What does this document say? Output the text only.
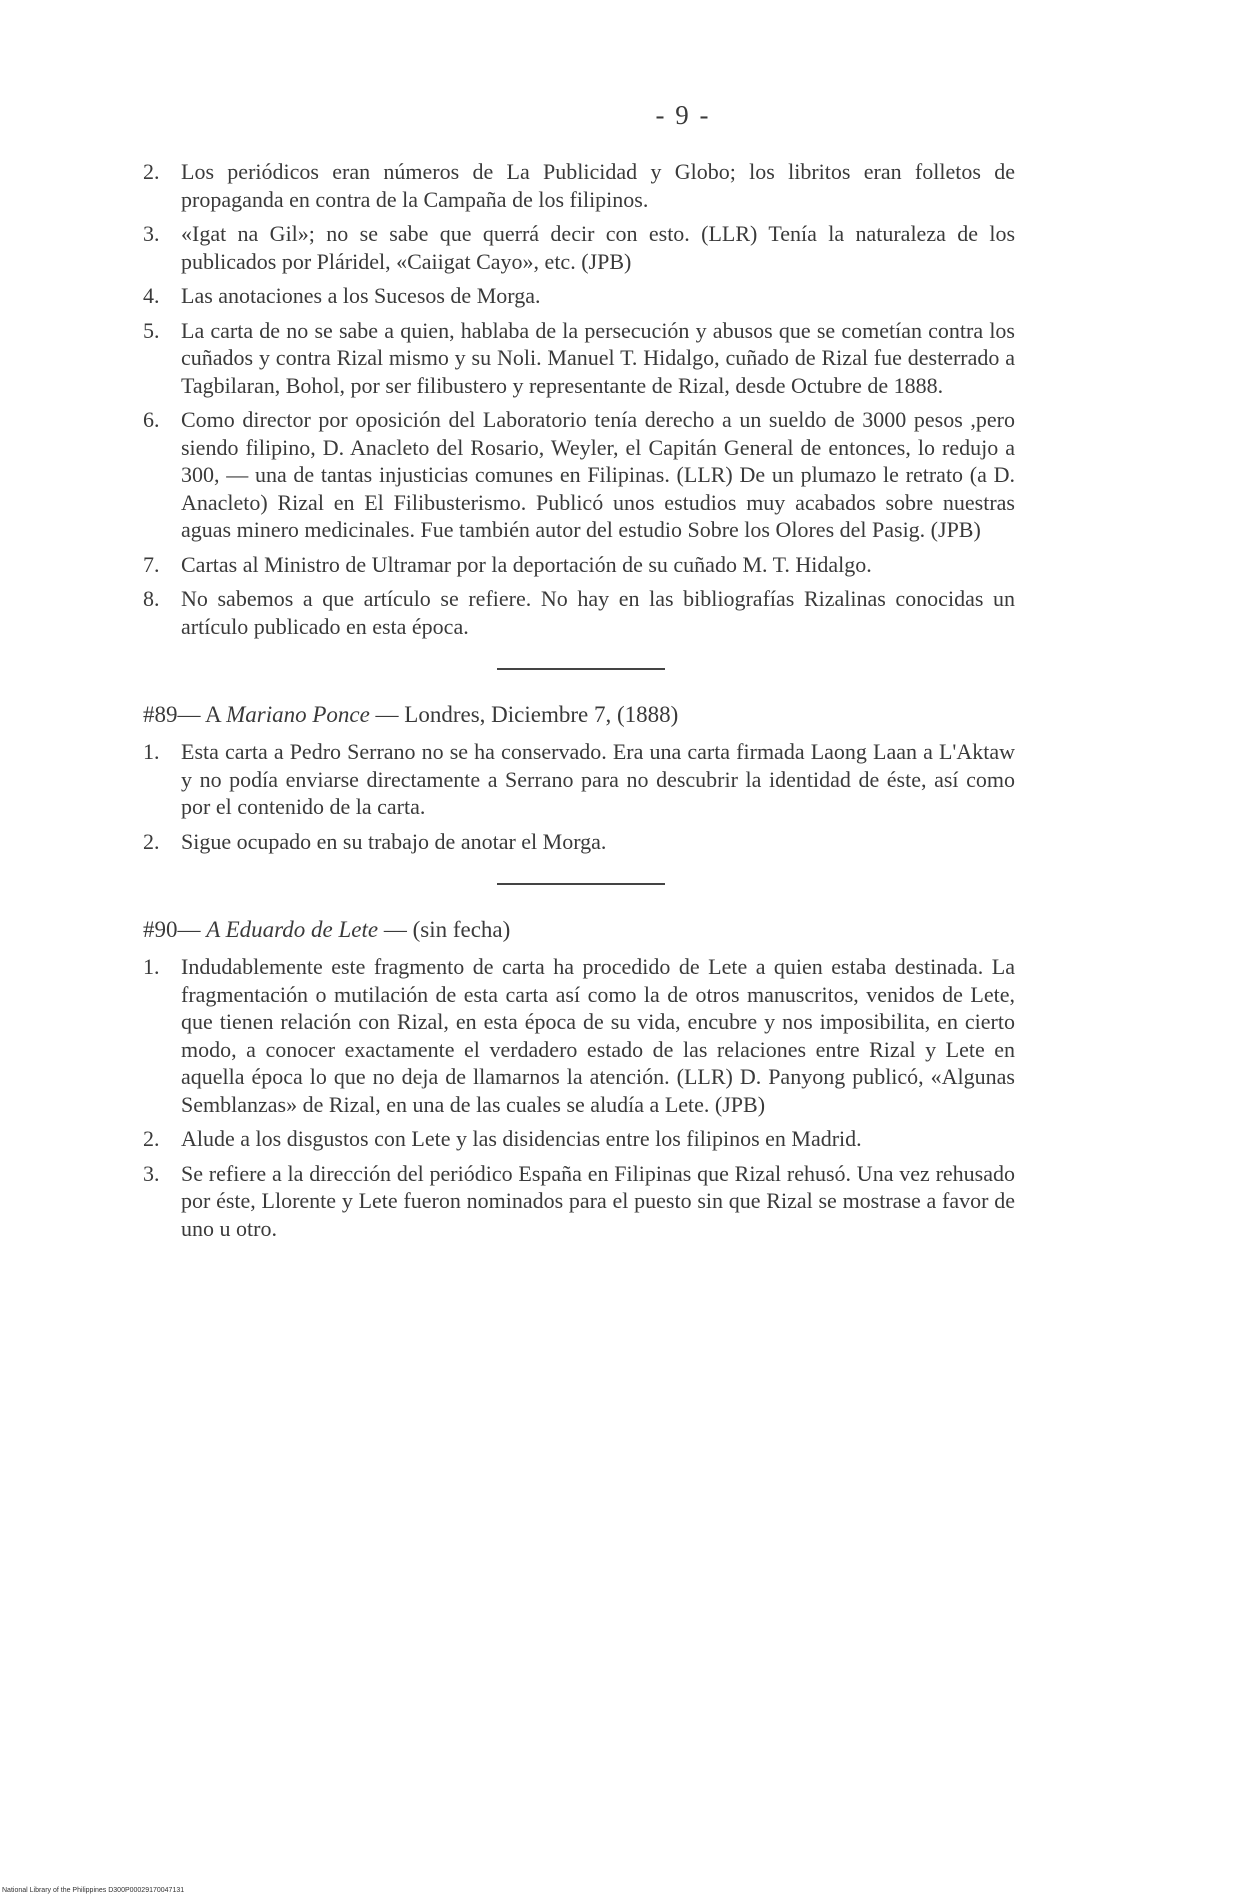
- 9 -
2. Los periódicos eran números de La Publicidad y Globo; los libritos eran folletos de propaganda en contra de la Campaña de los filipinos.
3. «Igat na Gil»; no se sabe que querrá decir con esto. (LLR) Tenía la naturaleza de los publicados por Pláridel, «Caiigat Cayo», etc. (JPB)
4. Las anotaciones a los Sucesos de Morga.
5. La carta de no se sabe a quien, hablaba de la persecución y abusos que se cometían contra los cuñados y contra Rizal mismo y su Noli. Manuel T. Hidalgo, cuñado de Rizal fue desterrado a Tagbilaran, Bohol, por ser filibustero y representante de Rizal, desde Octubre de 1888.
6. Como director por oposición del Laboratorio tenía derecho a un sueldo de 3000 pesos ,pero siendo filipino, D. Anacleto del Rosario, Weyler, el Capitán General de entonces, lo redujo a 300, — una de tantas injusticias comunes en Filipinas. (LLR) De un plumazo le retrato (a D. Anacleto) Rizal en El Filibusterismo. Publicó unos estudios muy acabados sobre nuestras aguas minero medicinales. Fue también autor del estudio Sobre los Olores del Pasig. (JPB)
7. Cartas al Ministro de Ultramar por la deportación de su cuñado M. T. Hidalgo.
8. No sabemos a que artículo se refiere. No hay en las bibliografías Rizalinas conocidas un artículo publicado en esta época.
#89— A Mariano Ponce — Londres, Diciembre 7, (1888)
1. Esta carta a Pedro Serrano no se ha conservado. Era una carta firmada Laong Laan a L'Aktaw y no podía enviarse directamente a Serrano para no descubrir la identidad de éste, así como por el contenido de la carta.
2. Sigue ocupado en su trabajo de anotar el Morga.
#90— A Eduardo de Lete — (sin fecha)
1. Indudablemente este fragmento de carta ha procedido de Lete a quien estaba destinada. La fragmentación o mutilación de esta carta así como la de otros manuscritos, venidos de Lete, que tienen relación con Rizal, en esta época de su vida, encubre y nos imposibilita, en cierto modo, a conocer exactamente el verdadero estado de las relaciones entre Rizal y Lete en aquella época lo que no deja de llamarnos la atención. (LLR) D. Panyong publicó, «Algunas Semblanzas» de Rizal, en una de las cuales se aludía a Lete. (JPB)
2. Alude a los disgustos con Lete y las disidencias entre los filipinos en Madrid.
3. Se refiere a la dirección del periódico España en Filipinas que Rizal rehusó. Una vez rehusado por éste, Llorente y Lete fueron nominados para el puesto sin que Rizal se mostrase a favor de uno u otro.
National Library of the Philippines D300P00029170047131
